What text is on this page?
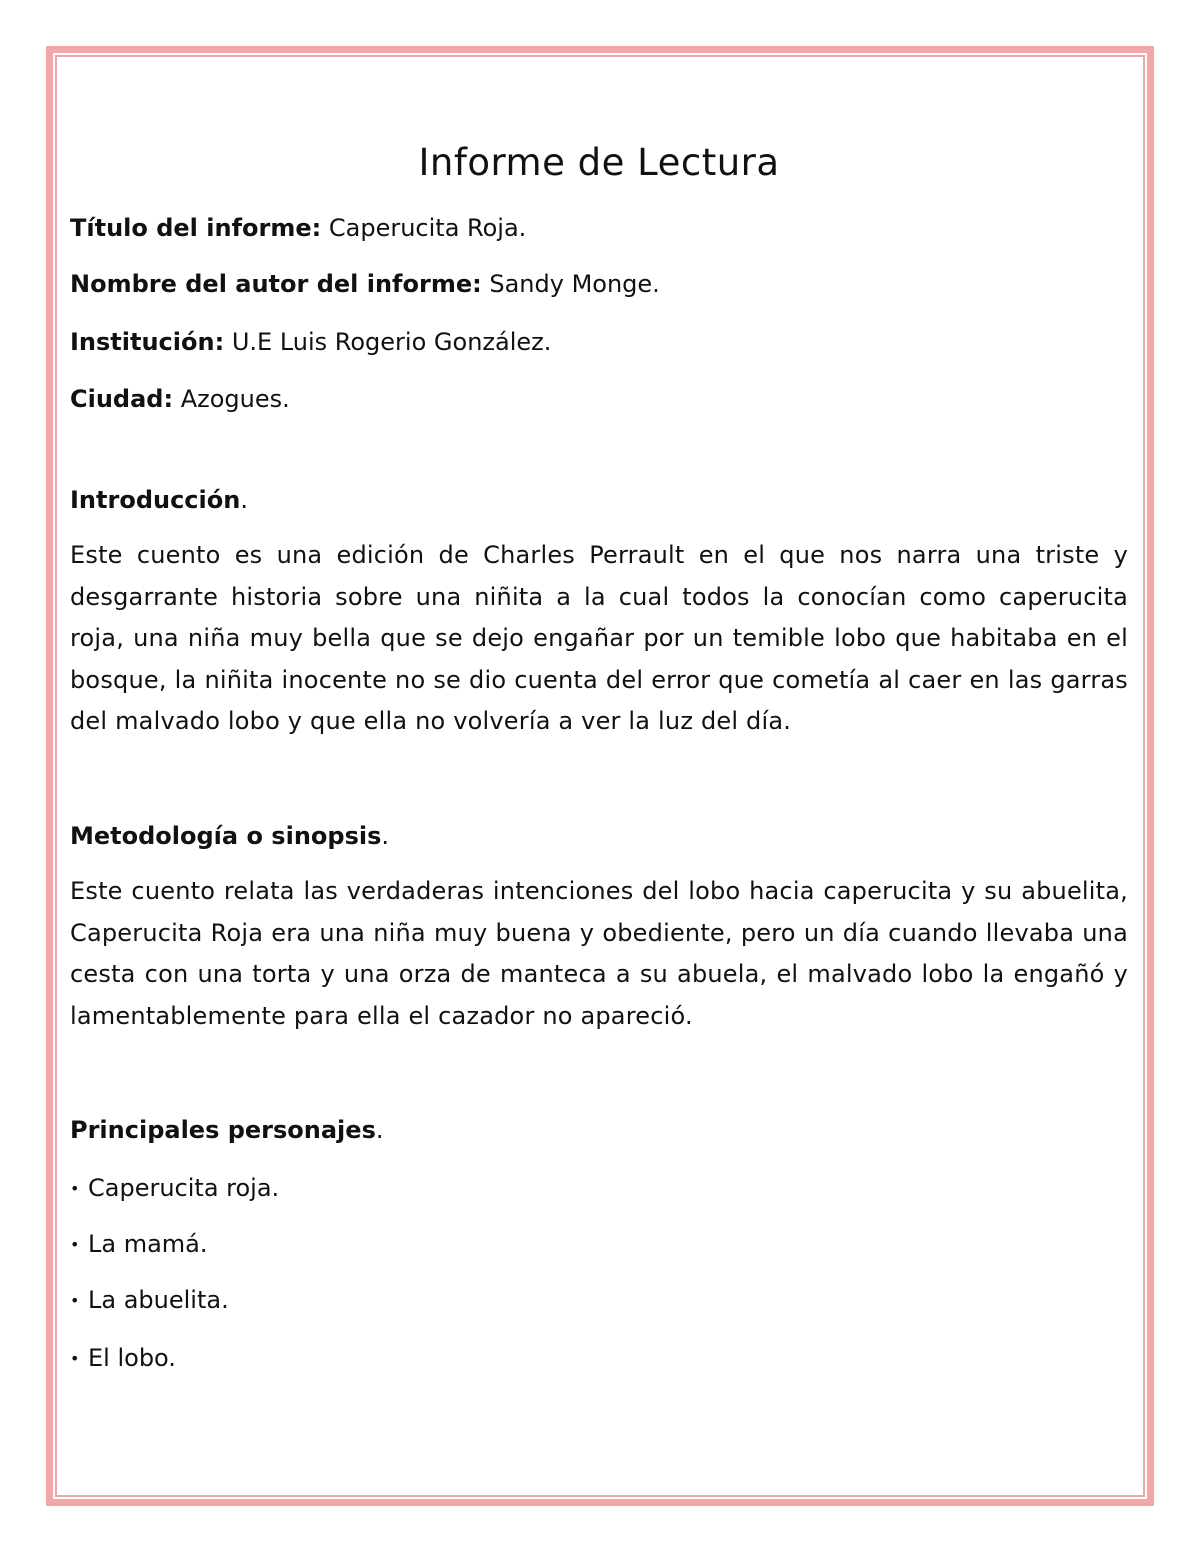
Informe de Lectura

Título del informe: Caperucita Roja.

Nombre del autor del informe: Sandy Monge.

Institución: U.E Luis Rogerio González.

Ciudad: Azogues.

Introducción.

Este cuento es una edición de Charles Perrault en el que nos narra una triste y desgarrante historia sobre una niñita a la cual todos la conocían como caperucita roja, una niña muy bella que se dejo engañar por un temible lobo que habitaba en el bosque, la niñita inocente no se dio cuenta del error que cometía al caer en las garras del malvado lobo y que ella no volvería a ver la luz del día.

Metodología o sinopsis.

Este cuento relata las verdaderas intenciones del lobo hacia caperucita y su abuelita, Caperucita Roja era una niña muy buena y obediente, pero un día cuando llevaba una cesta con una torta y una orza de manteca a su abuela, el malvado lobo la engañó y lamentablemente para ella el cazador no apareció.

Principales personajes.

• Caperucita roja.

• La mamá.

• La abuelita.

• El lobo.
